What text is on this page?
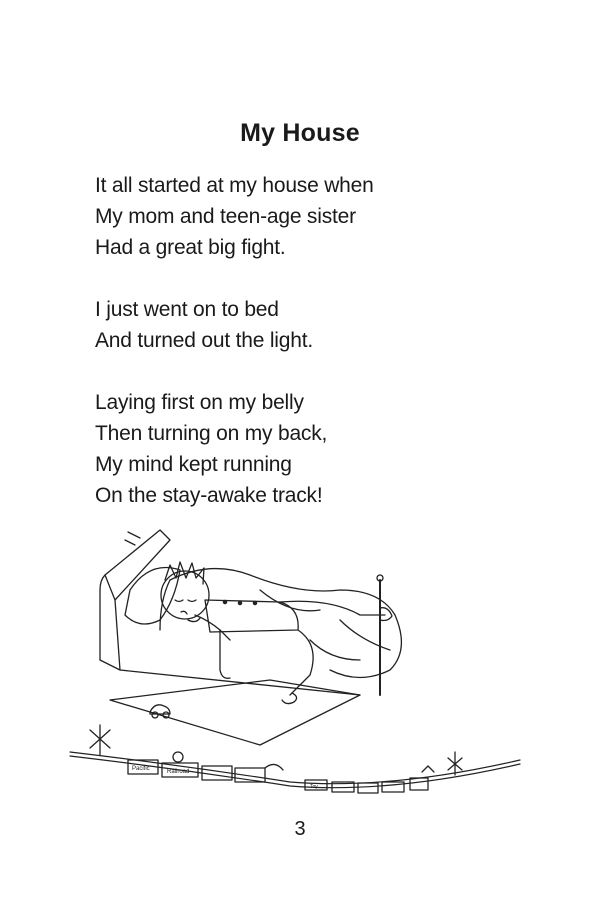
My House
It all started at my house when
My mom and teen-age sister
Had a great big fight.
I just went on to bed
And turned out the light.
Laying first on my belly
Then turning on my back,
My mind kept running
On the stay-awake track!
Pacific	Railroad
Toy
3
